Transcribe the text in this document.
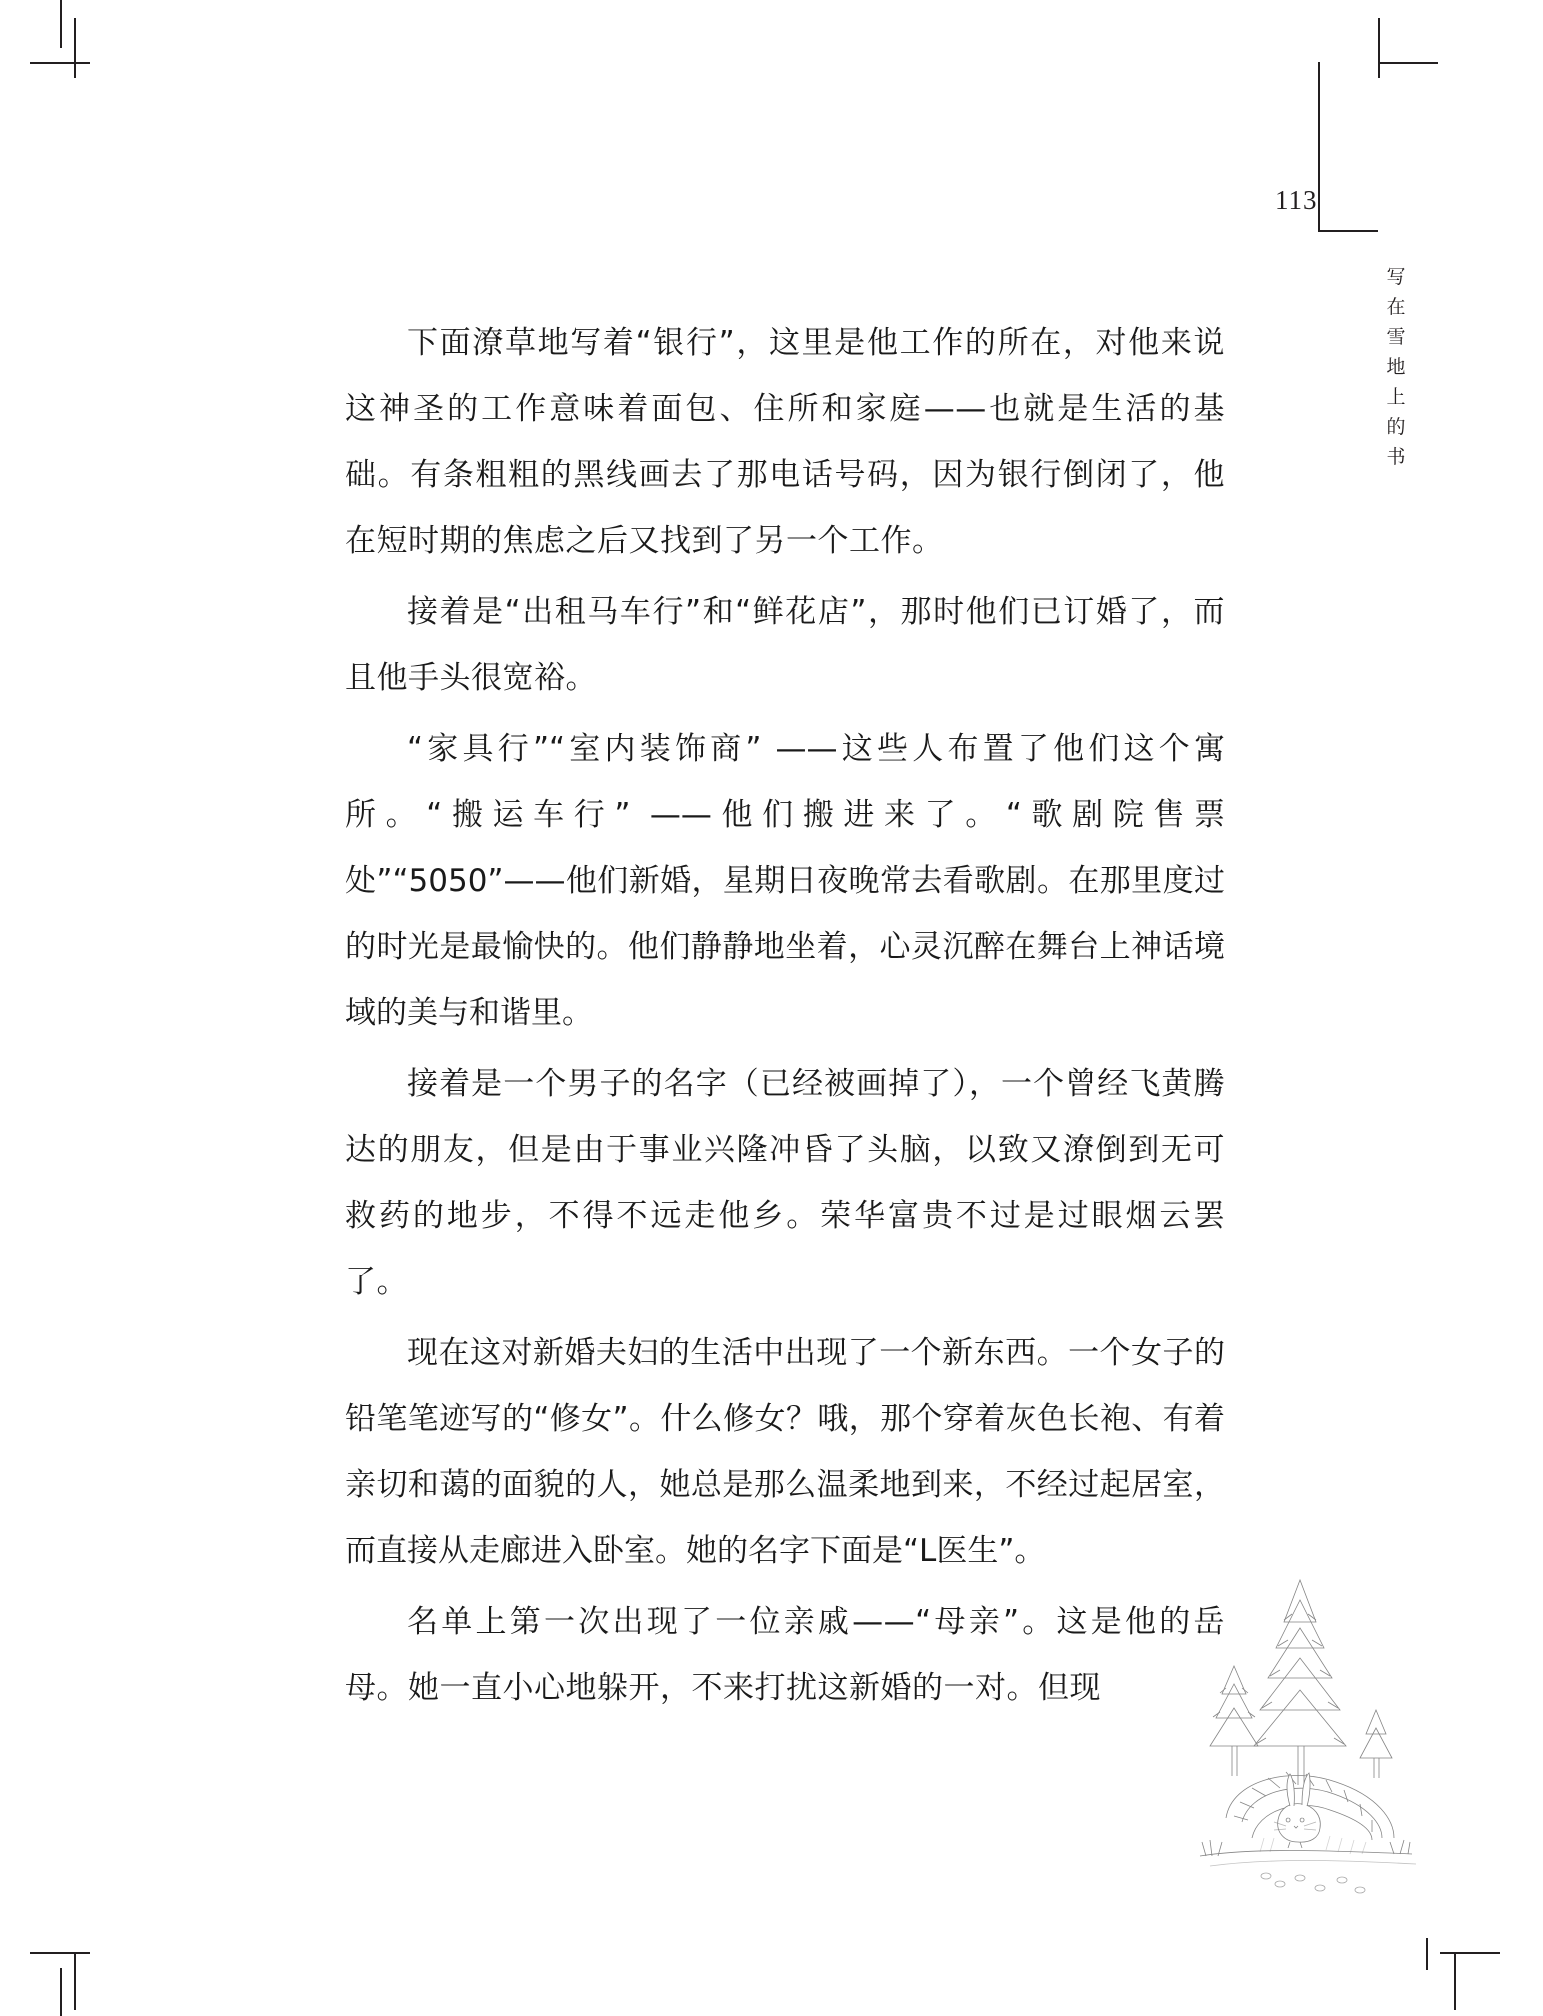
113
写在雪地上的书

下面潦草地写着“银行”，这里是他工作的所在，对他来说这神圣的工作意味着面包、住所和家庭——也就是生活的基础。有条粗粗的黑线画去了那电话号码，因为银行倒闭了，他在短时期的焦虑之后又找到了另一个工作。

接着是“出租马车行”和“鲜花店”，那时他们已订婚了，而且他手头很宽裕。

“家具行”“室内装饰商” ——这些人布置了他们这个寓所。“搬运车行” ——他们搬进来了。“歌剧院售票处”“5050”——他们新婚，星期日夜晚常去看歌剧。在那里度过的时光是最愉快的。他们静静地坐着，心灵沉醉在舞台上神话境域的美与和谐里。

接着是一个男子的名字（已经被画掉了），一个曾经飞黄腾达的朋友，但是由于事业兴隆冲昏了头脑，以致又潦倒到无可救药的地步，不得不远走他乡。荣华富贵不过是过眼烟云罢了。

现在这对新婚夫妇的生活中出现了一个新东西。一个女子的铅笔笔迹写的“修女”。什么修女？哦，那个穿着灰色长袍、有着亲切和蔼的面貌的人，她总是那么温柔地到来，不经过起居室，而直接从走廊进入卧室。她的名字下面是“L医生”。

名单上第一次出现了一位亲戚——“母亲”。这是他的岳母。她一直小心地躲开，不来打扰这新婚的一对。但现
